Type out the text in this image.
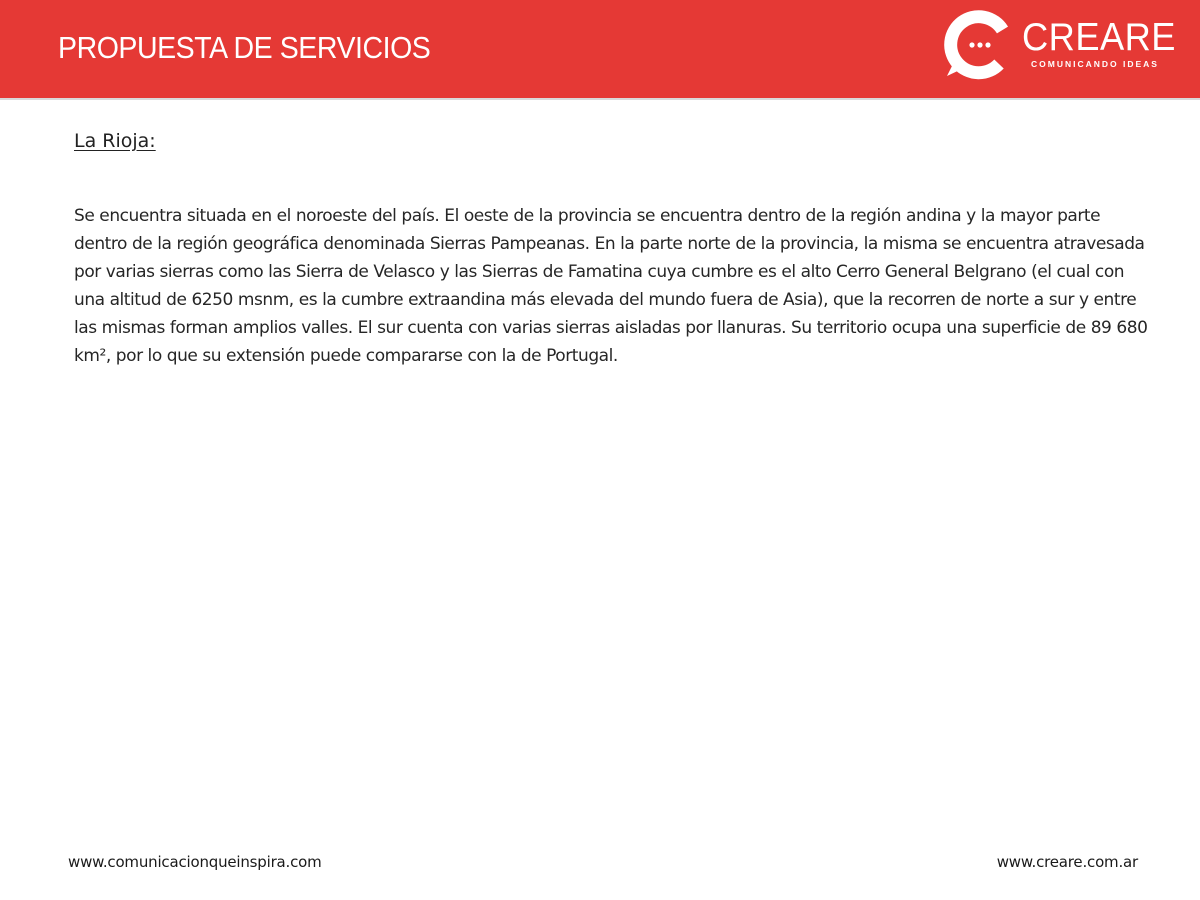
PROPUESTA DE SERVICIOS	CREARE
COMUNICANDO IDEAS
La Rioja:

Se encuentra situada en el noroeste del país. El oeste de la provincia se encuentra dentro de la región andina y la mayor parte dentro de la región geográfica denominada Sierras Pampeanas. En la parte norte de la provincia, la misma se encuentra atravesada por varias sierras como las Sierra de Velasco y las Sierras de Famatina cuya cumbre es el alto Cerro General Belgrano (el cual con una altitud de 6250 msnm, es la cumbre extraandina más elevada del mundo fuera de Asia), que la recorren de norte a sur y entre las mismas forman amplios valles. El sur cuenta con varias sierras aisladas por llanuras. Su territorio ocupa una superficie de 89 680 km², por lo que su extensión puede compararse con la de Portugal.

www.comunicacionqueinspira.com	www.creare.com.ar
